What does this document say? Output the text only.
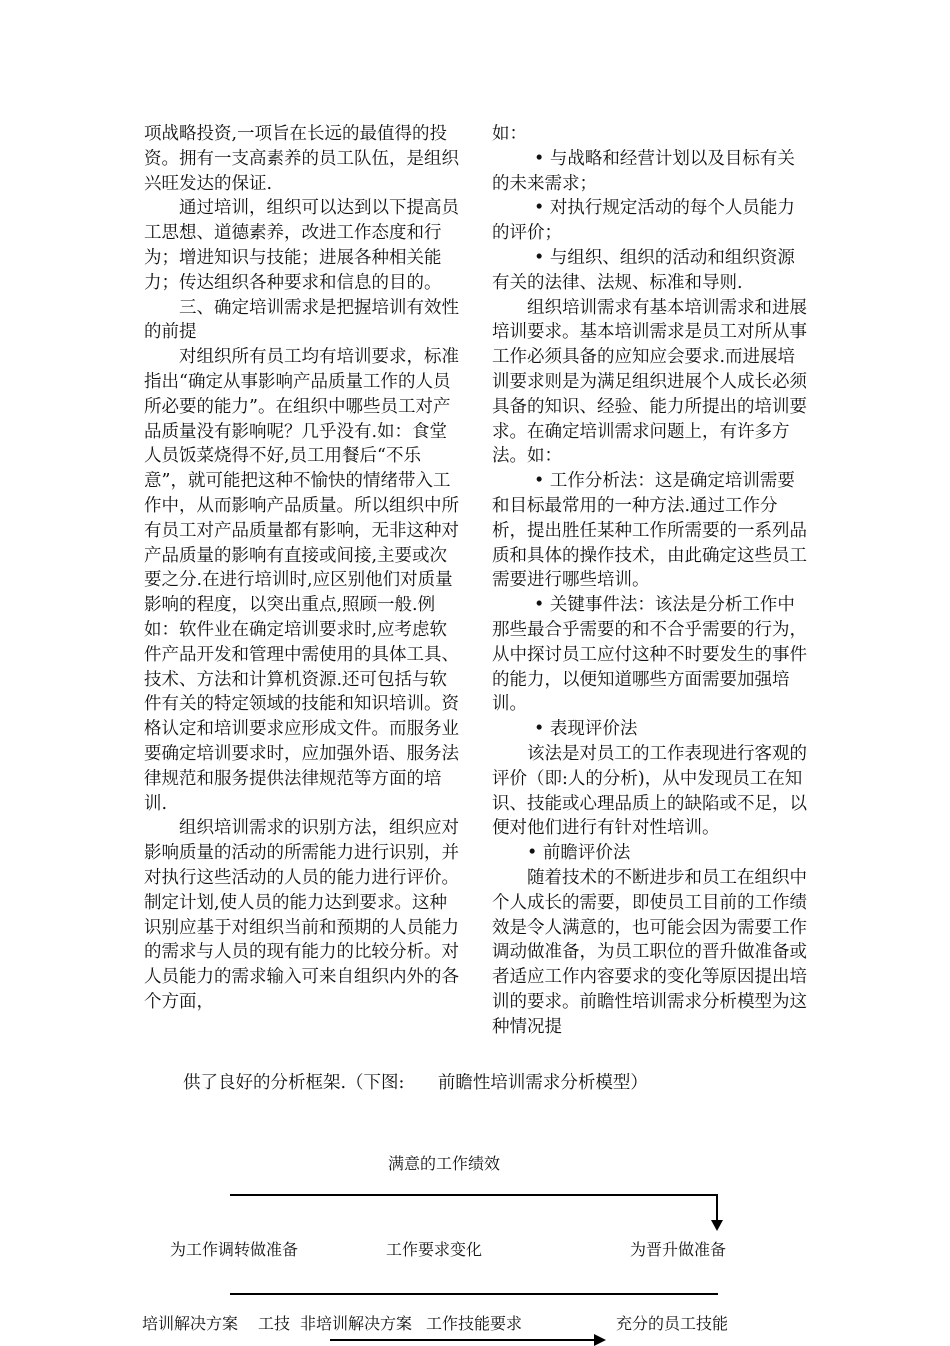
项战略投资,一项旨在长远的最值得的投资。拥有一支高素养的员工队伍，是组织兴旺发达的保证.

通过培训，组织可以达到以下提高员工思想、道德素养，改进工作态度和行为；增进知识与技能；进展各种相关能力；传达组织各种要求和信息的目的。

三、确定培训需求是把握培训有效性的前提

对组织所有员工均有培训要求，标准指出“确定从事影响产品质量工作的人员所必要的能力”。在组织中哪些员工对产品质量没有影响呢？几乎没有.如：食堂人员饭菜烧得不好,员工用餐后“不乐意”，就可能把这种不愉快的情绪带入工作中，从而影响产品质量。所以组织中所有员工对产品质量都有影响，无非这种对产品质量的影响有直接或间接,主要或次要之分.在进行培训时,应区别他们对质量影响的程度，以突出重点,照顾一般.例如：软件业在确定培训要求时,应考虑软件产品开发和管理中需使用的具体工具、技术、方法和计算机资源.还可包括与软件有关的特定领域的技能和知识培训。资格认定和培训要求应形成文件。而服务业要确定培训要求时，应加强外语、服务法律规范和服务提供法律规范等方面的培训.

组织培训需求的识别方法，组织应对影响质量的活动的所需能力进行识别，并对执行这些活动的人员的能力进行评价。制定计划,使人员的能力达到要求。这种识别应基于对组织当前和预期的人员能力的需求与人员的现有能力的比较分析。对人员能力的需求输入可来自组织内外的各个方面，

如：

• 与战略和经营计划以及目标有关的未来需求；

• 对执行规定活动的每个人员能力的评价；

• 与组织、组织的活动和组织资源有关的法律、法规、标准和导则.

组织培训需求有基本培训需求和进展培训要求。基本培训需求是员工对所从事工作必须具备的应知应会要求.而进展培训要求则是为满足组织进展个人成长必须具备的知识、经验、能力所提出的培训要求。在确定培训需求问题上，有许多方法。如：

• 工作分析法：这是确定培训需要和目标最常用的一种方法.通过工作分析，提出胜任某种工作所需要的一系列品质和具体的操作技术，由此确定这些员工需要进行哪些培训。

• 关键事件法：该法是分析工作中那些最合乎需要的和不合乎需要的行为，从中探讨员工应付这种不时要发生的事件的能力，以便知道哪些方面需要加强培训。

• 表现评价法

该法是对员工的工作表现进行客观的评价（即:人的分析)，从中发现员工在知识、技能或心理品质上的缺陷或不足，以便对他们进行有针对性培训。

• 前瞻评价法

随着技术的不断进步和员工在组织中个人成长的需要，即使员工目前的工作绩效是令人满意的，也可能会因为需要工作调动做准备，为员工职位的晋升做准备或者适应工作内容要求的变化等原因提出培训的要求。前瞻性培训需求分析模型为这种情况提

供了良好的分析框架.（下图:      前瞻性培训需求分析模型）
满意的工作绩效
为工作调转做准备	工作要求变化	为晋升做准备
培训解决方案 工技 非培训解决方案 工作技能要求	充分的员工技能
